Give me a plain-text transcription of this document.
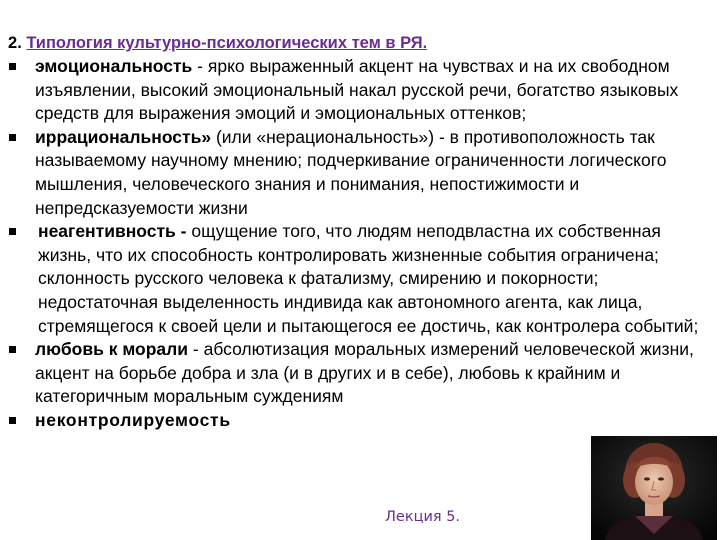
2. Типология культурно-психологических тем в РЯ.
эмоциональность - ярко выраженный акцент на чувствах и на их свободном изъявлении, высокий эмоциональный накал русской речи, богатство языковых средств для выражения эмоций и эмоциональных оттенков;
иррациональность» (или «нерациональность») - в противоположность так называемому научному мнению; подчеркивание ограниченности логического мышления, человеческого знания и понимания, непостижимости и непредсказуемости жизни
неагентивность - ощущение того, что людям неподвластна их собственная жизнь, что их способность контролировать жизненные события ограничена; склонность русского человека к фатализму, смирению и покорности; недостаточная выделенность индивида как автономного агента, как лица, стремящегося к своей цели и пытающегося ее достичь, как контролера событий;
любовь к морали - абсолютизация моральных измерений человеческой жизни, акцент на борьбе добра и зла (и в других и в себе), любовь к крайним и категоричным моральным суждениям
неконтролируемость
Лекция 5.
